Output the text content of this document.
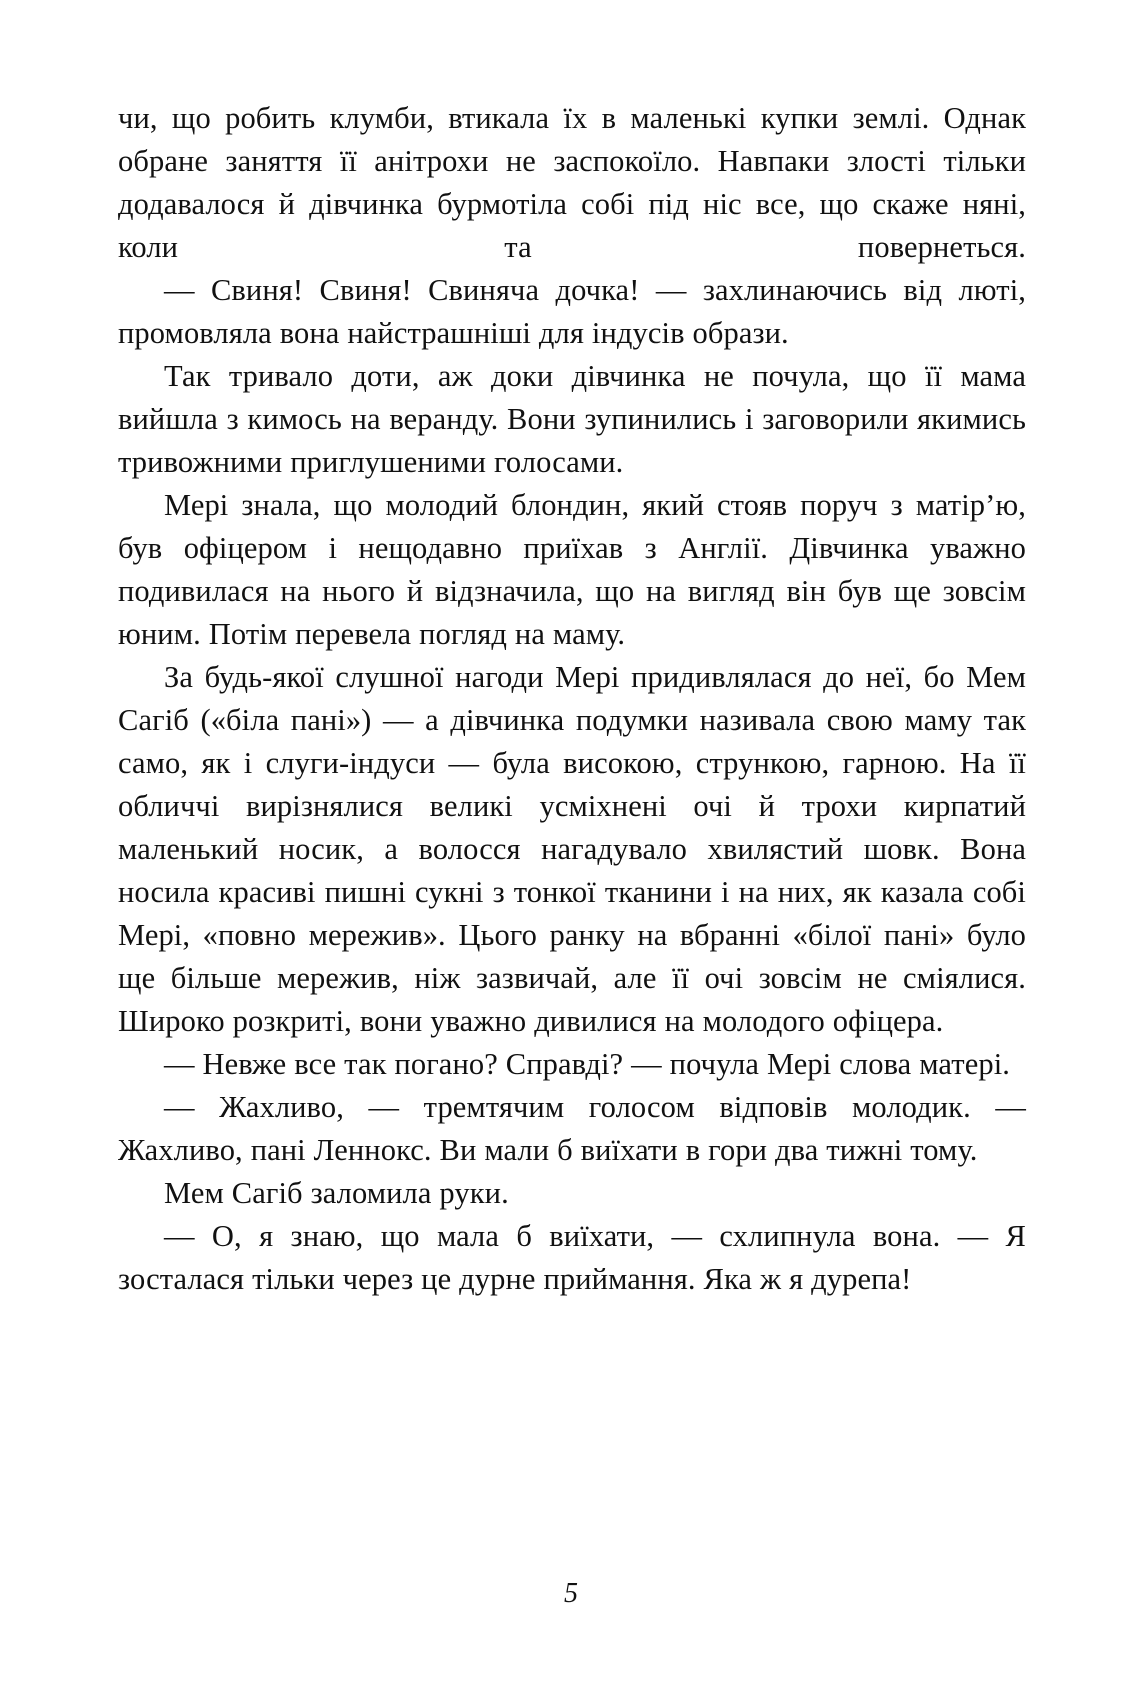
чи, що робить клумби, втикала їх в маленькі купки землі. Однак обране заняття її анітрохи не заспокоїло. Навпаки злості тільки додавалося й дівчинка бурмотіла собі під ніс все, що скаже няні, коли та повернеться.

— Свиня! Свиня! Свиняча дочка! — захлинаючись від люті, промовляла вона найстрашніші для індусів образи.

Так тривало доти, аж доки дівчинка не почула, що її мама вийшла з кимось на веранду. Вони зупинились і заговорили якимись тривожними приглушеними голосами.

Мері знала, що молодий блондин, який стояв поруч з матір’ю, був офіцером і нещодавно приїхав з Англії. Дівчинка уважно подивилася на нього й відзначила, що на вигляд він був ще зовсім юним. Потім перевела погляд на маму.

За будь-якої слушної нагоди Мері придивлялася до неї, бо Мем Сагіб («біла пані») — а дівчинка подумки називала свою маму так само, як і слуги-індуси — була високою, стрункою, гарною. На її обличчі вирізнялися великі усміхнені очі й трохи кирпатий маленький носик, а волосся нагадувало хвилястий шовк. Вона носила красиві пишні сукні з тонкої тканини і на них, як казала собі Мері, «повно мережив». Цього ранку на вбранні «білої пані» було ще більше мережив, ніж зазвичай, але її очі зовсім не сміялися. Широко розкриті, вони уважно дивилися на молодого офіцера.

— Невже все так погано? Справді? — почула Мері слова матері.

— Жахливо, — тремтячим голосом відповів молодик. — Жахливо, пані Леннокс. Ви мали б виїхати в гори два тижні тому.

Мем Сагіб заломила руки.

— О, я знаю, що мала б виїхати, — схлипнула вона. — Я зосталася тільки через це дурне приймання. Яка ж я дурепа!

5
